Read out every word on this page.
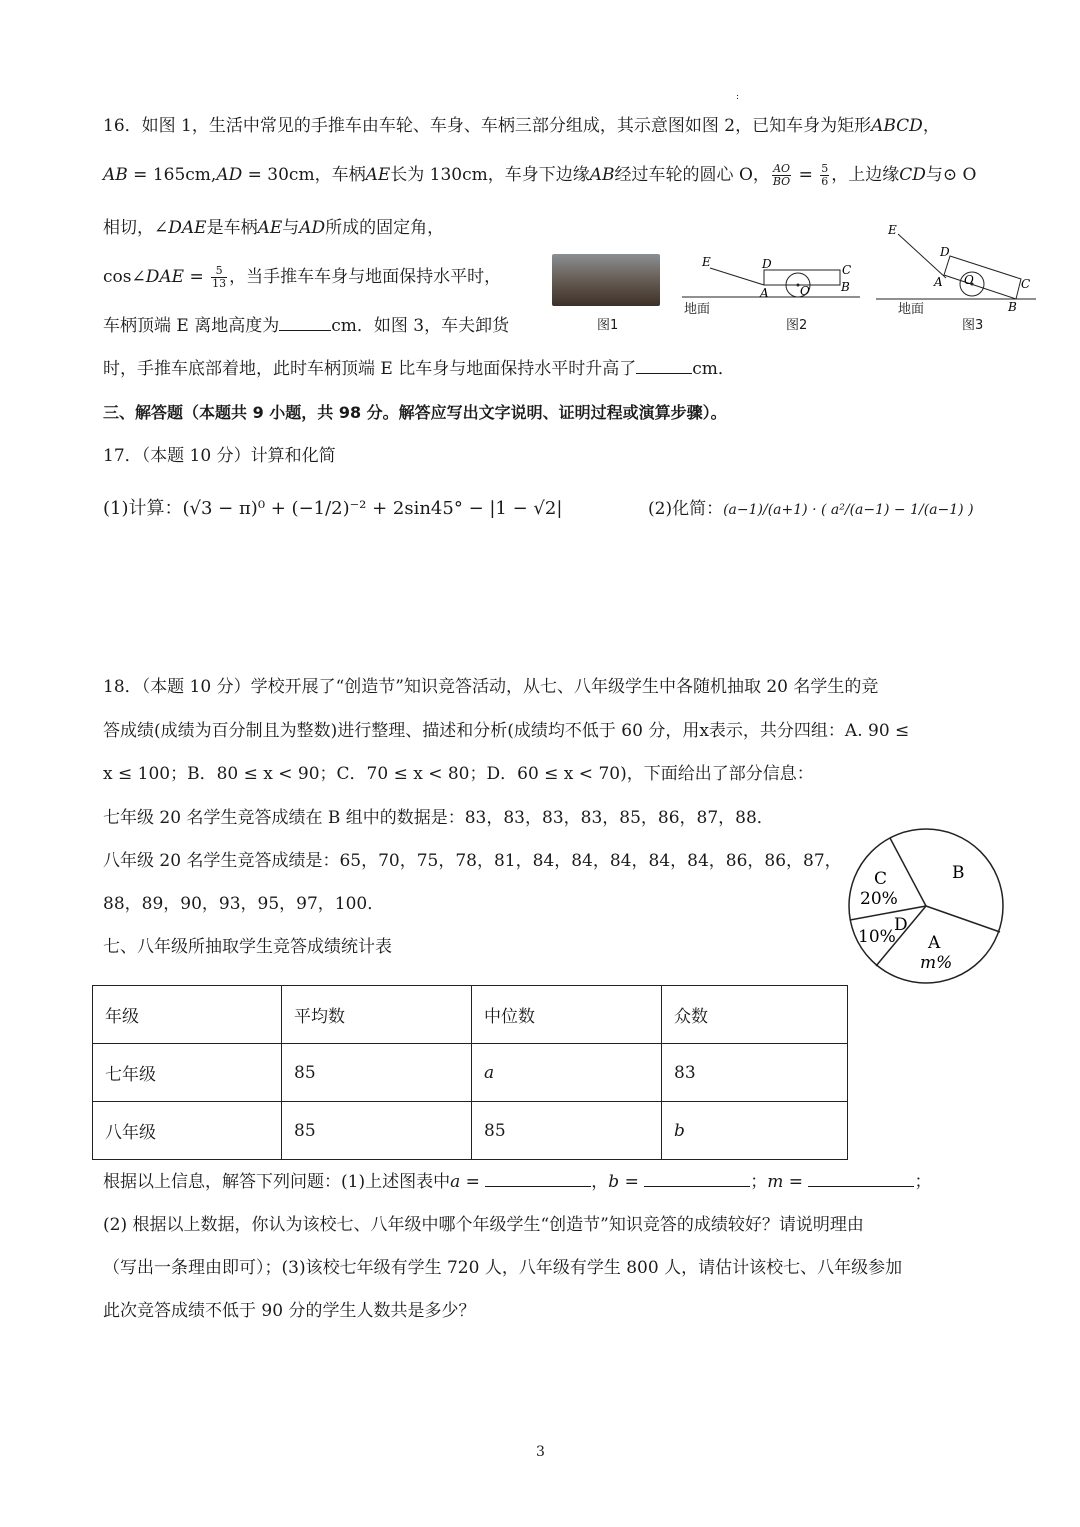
:
16．如图 1，生活中常见的手推车由车轮、车身、车柄三部分组成，其示意图如图 2，已知车身为矩形ABCD，
AB = 165cm,AD = 30cm，车柄AE长为 130cm，车身下边缘AB经过车轮的圆心 O， $\frac{AO}{BO} = \frac{5}{6}$ ，上边缘CD与⊙ O
相切，∠DAE是车柄AE与AD所成的固定角，
cos∠DAE = $\frac{5}{13}$ ，当手推车车身与地面保持水平时，
车柄顶端 E 离地高度为	cm．如图 3，车夫卸货
时，手推车底部着地，此时车柄顶端 E 比车身与地面保持水平时升高了	cm．
图1
E	D	C
A	O	B
地面
图2
E
D
C
A O
B
地面
图3
三、解答题（本题共 9 小题，共 98 分。解答应写出文字说明、证明过程或演算步骤）。
17．（本题 10 分）计算和化简
(1)计算：(√3 − π)⁰ + (−1/2)⁻² + 2sin45° − |1 − √2|	(2)化简：(a−1)/(a+1) · ( a²/(a−1) − 1/(a−1) )
18．（本题 10 分）学校开展了“创造节”知识竞答活动，从七、八年级学生中各随机抽取 20 名学生的竞
答成绩(成绩为百分制且为整数)进行整理、描述和分析(成绩均不低于 60 分，用x表示，共分四组：A. 90 ≤
x ≤ 100；B．80 ≤ x < 90；C．70 ≤ x < 80；D．60 ≤ x < 70)，下面给出了部分信息：
七年级 20 名学生竞答成绩在 B 组中的数据是：83，83，83，83，85，86，87，88．
八年级 20 名学生竞答成绩是：65，70，75，78，81，84，84，84，84，84，86，86，87，
88，89，90，93，95，97，100．
七、八年级所抽取学生竞答成绩统计表
B
C
20%
D
10% A
m%
年级	平均数	中位数	众数
七年级	85	a	83
八年级	85	85	b
根据以上信息，解答下列问题：(1)上述图表中a =	，b =	；m =	；
(2) 根据以上数据，你认为该校七、八年级中哪个年级学生“创造节”知识竞答的成绩较好？请说明理由
（写出一条理由即可）；(3)该校七年级有学生 720 人，八年级有学生 800 人，请估计该校七、八年级参加
此次竞答成绩不低于 90 分的学生人数共是多少？
3
